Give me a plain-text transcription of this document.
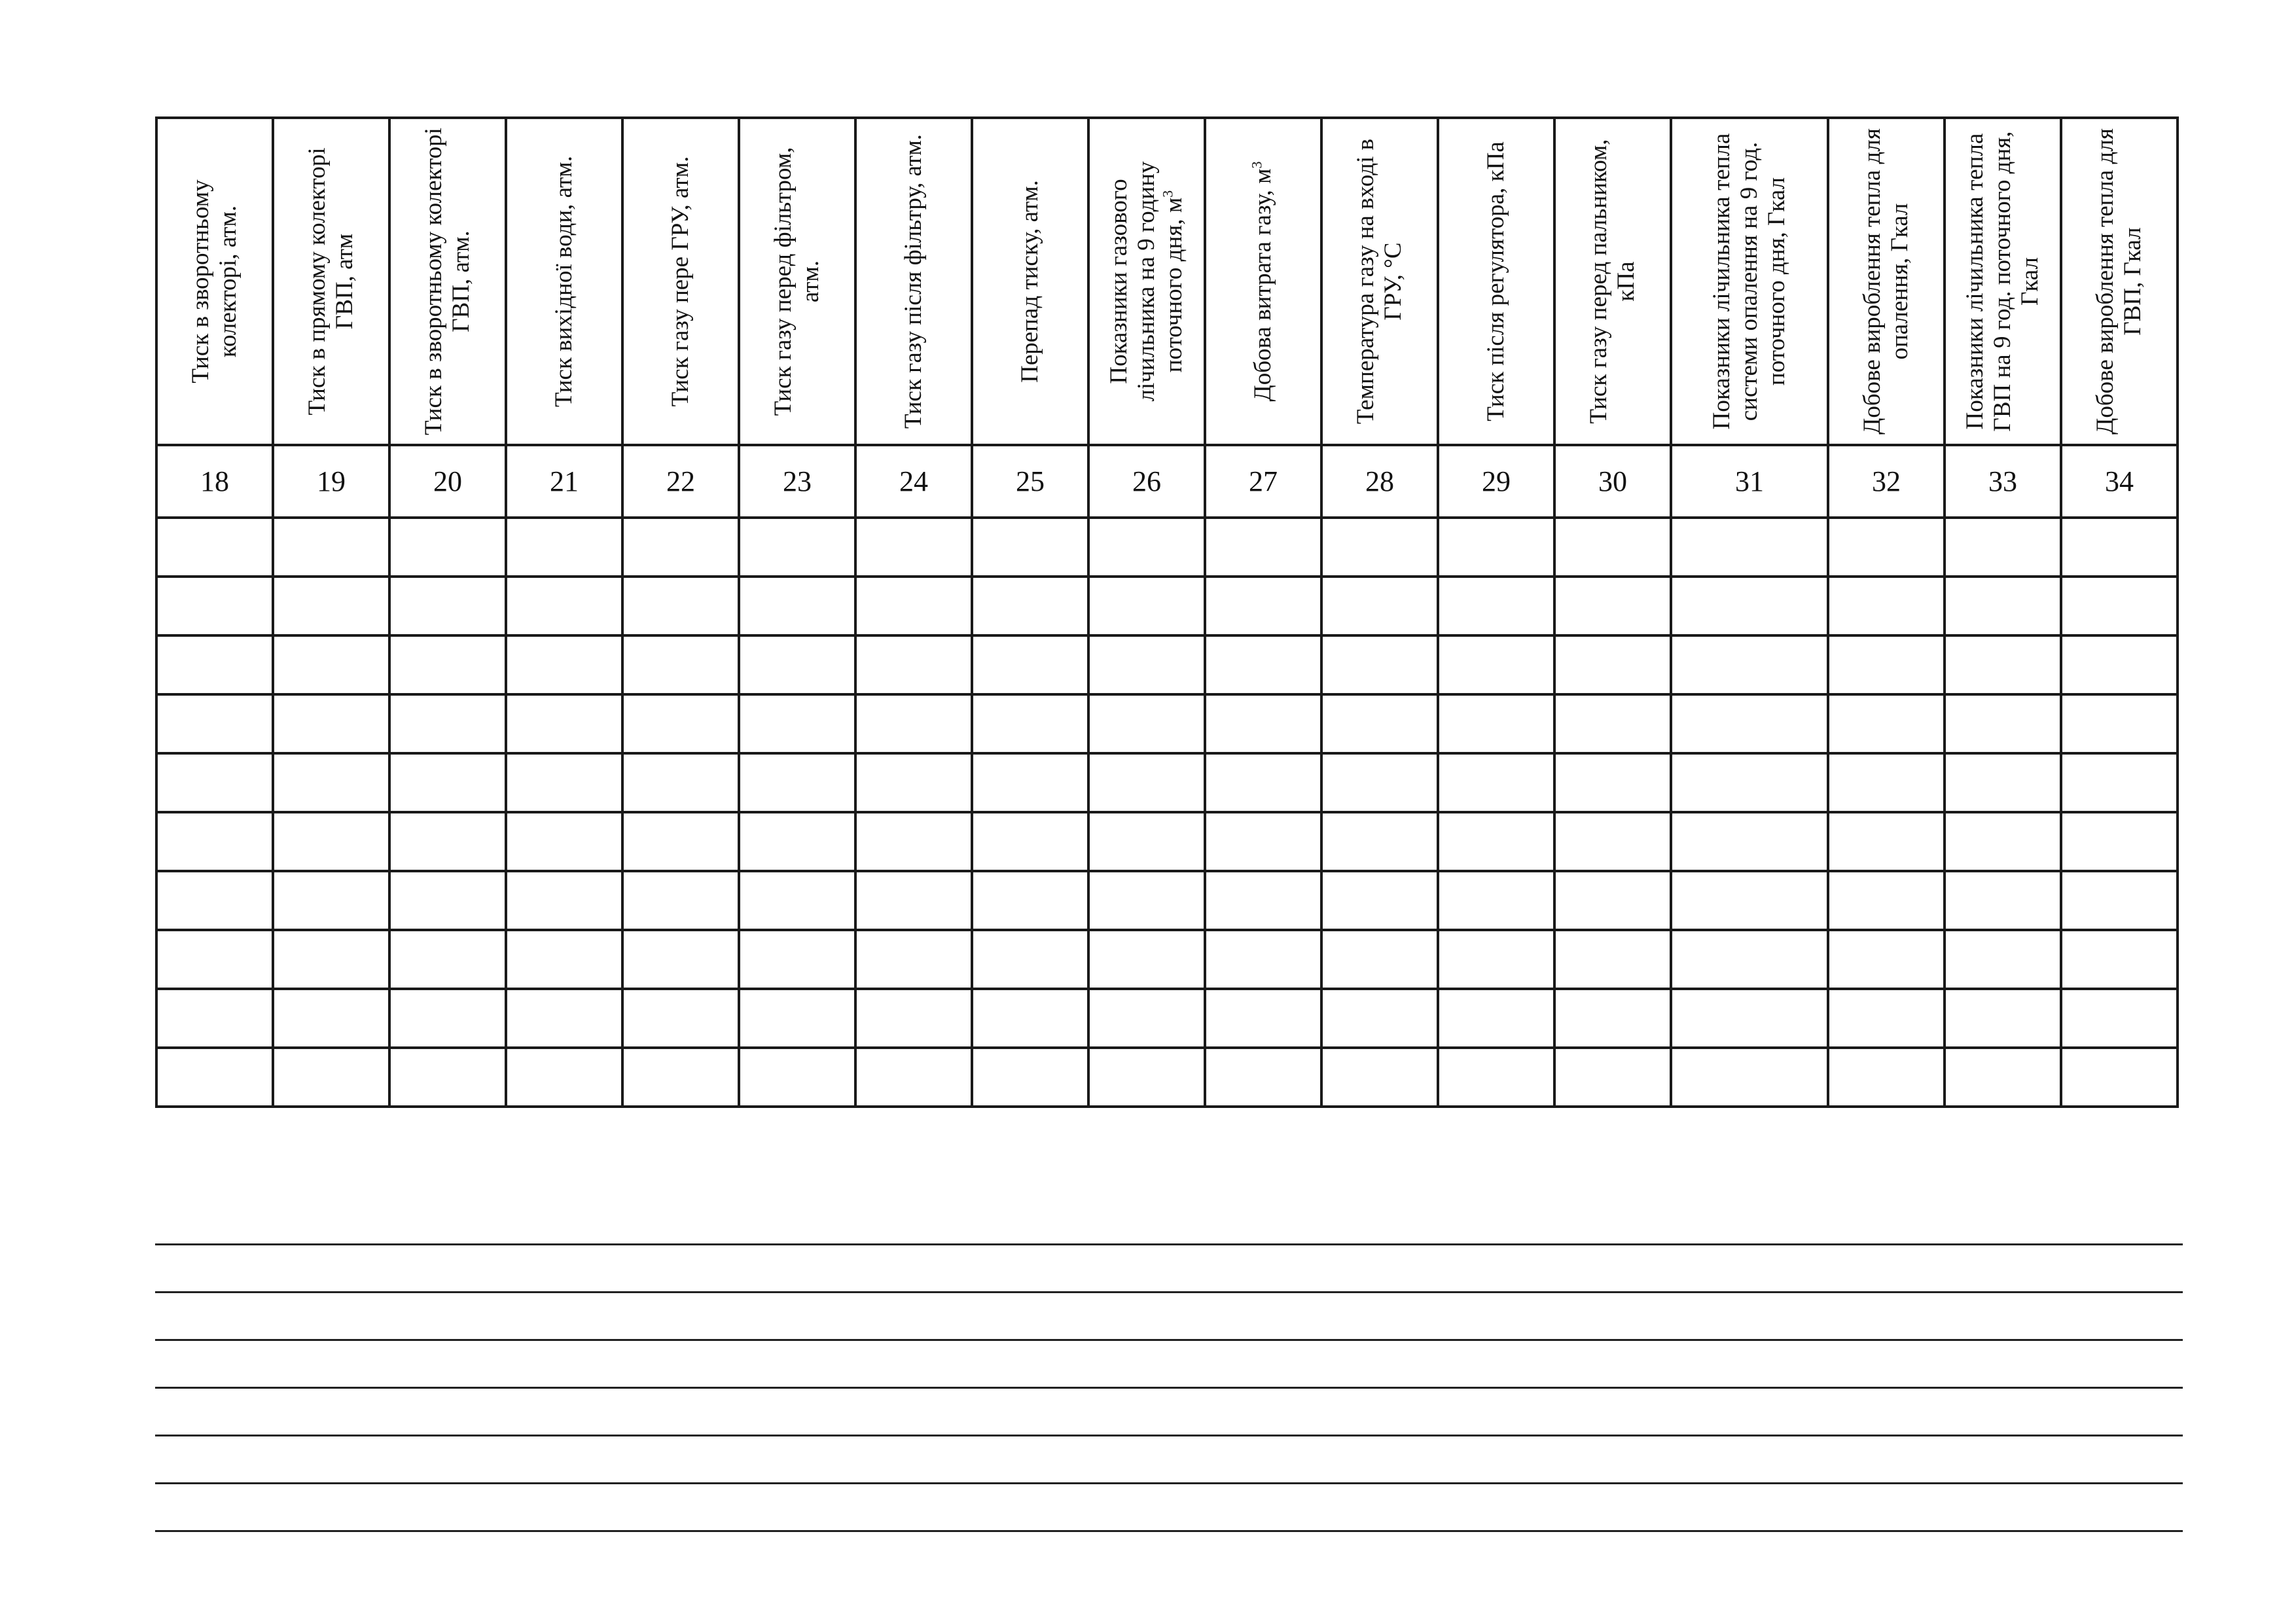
Тиск в зворотньому колекторі, атм.	Тиск в прямому колекторі ГВП, атм	Тиск в зворотньому колекторі ГВП, атм.	Тиск вихідної води, атм.	Тиск газу пере ГРУ, атм.	Тиск газу перед фільтром, атм.	Тиск газу після фільтру, атм.	Перепад тиску, атм.	Показники газового лічильника на 9 годину поточного дня, $м^3$	Добова витрата газу, $м^3$	Температура газу на вході в ГРУ, °С	Тиск після регулятора, кПа	Тиск газу перед пальником, кПа	Показники лічильника тепла системи опалення на 9 год. поточного дня, Гкал	Добове вироблення тепла для опалення, Гкал	Показники лічильника тепла ГВП на 9 год. поточного дня, Гкал	Добове вироблення тепла для ГВП, Гкал

18	19	20	21	22	23	24	25	26	27	28	29	30	31	32	33	34
